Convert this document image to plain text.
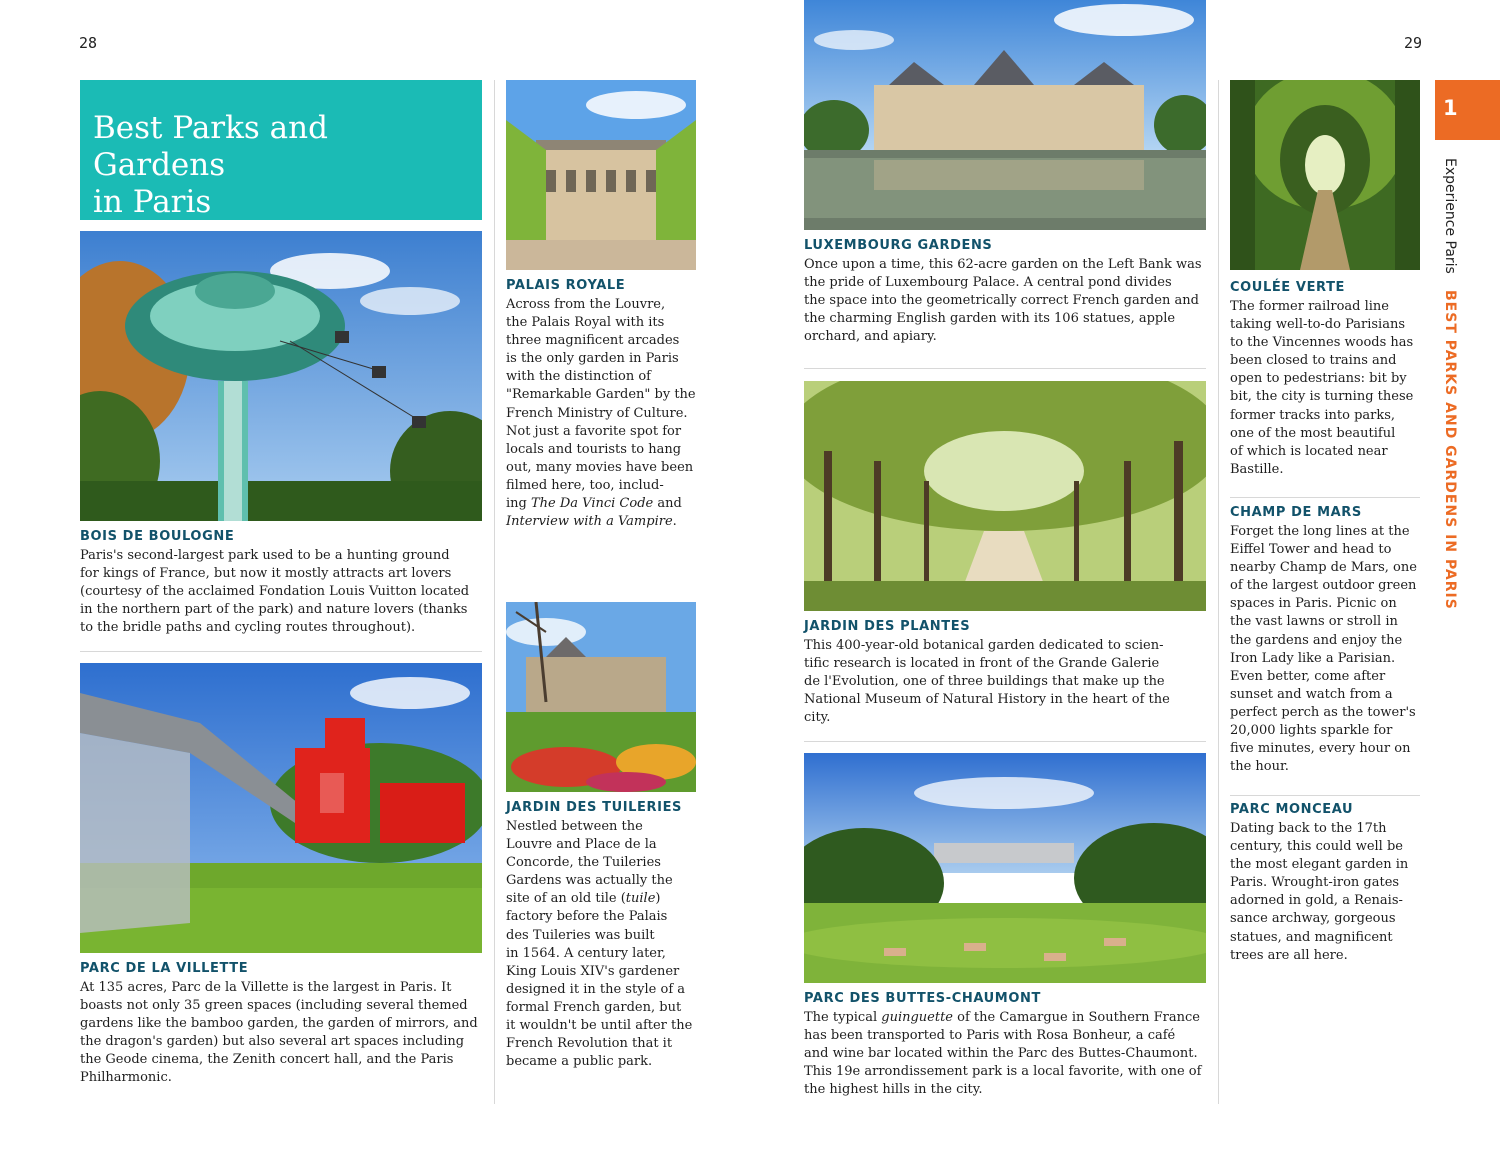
28	29
Best Parks and Gardens
in Paris
BOIS DE BOULOGNE
Paris's second-largest park used to be a hunting ground
for kings of France, but now it mostly attracts art lovers
(courtesy of the acclaimed Fondation Louis Vuitton located
in the northern part of the park) and nature lovers (thanks
to the bridle paths and cycling routes throughout).
PARC DE LA VILLETTE
At 135 acres, Parc de la Villette is the largest in Paris. It
boasts not only 35 green spaces (including several themed
gardens like the bamboo garden, the garden of mirrors, and
the dragon's garden) but also several art spaces including
the Geode cinema, the Zenith concert hall, and the Paris
Philharmonic.
PALAIS ROYALE
Across from the Louvre,
the Palais Royal with its
three magnificent arcades
is the only garden in Paris
with the distinction of
"Remarkable Garden" by the
French Ministry of Culture.
Not just a favorite spot for
locals and tourists to hang
out, many movies have been
filmed here, too, includ-
ing The Da Vinci Code and
Interview with a Vampire.
JARDIN DES TUILERIES
Nestled between the
Louvre and Place de la
Concorde, the Tuileries
Gardens was actually the
site of an old tile (tuile)
factory before the Palais
des Tuileries was built
in 1564. A century later,
King Louis XIV's gardener
designed it in the style of a
formal French garden, but
it wouldn't be until after the
French Revolution that it
became a public park.
LUXEMBOURG GARDENS
Once upon a time, this 62-acre garden on the Left Bank was
the pride of Luxembourg Palace. A central pond divides
the space into the geometrically correct French garden and
the charming English garden with its 106 statues, apple
orchard, and apiary.
JARDIN DES PLANTES
This 400-year-old botanical garden dedicated to scien-
tific research is located in front of the Grande Galerie
de l'Evolution, one of three buildings that make up the
National Museum of Natural History in the heart of the
city.
PARC DES BUTTES-CHAUMONT
The typical guinguette of the Camargue in Southern France
has been transported to Paris with Rosa Bonheur, a café
and wine bar located within the Parc des Buttes-Chaumont.
This 19e arrondissement park is a local favorite, with one of
the highest hills in the city.
COULÉE VERTE
The former railroad line
taking well-to-do Parisians
to the Vincennes woods has
been closed to trains and
open to pedestrians: bit by
bit, the city is turning these
former tracks into parks,
one of the most beautiful
of which is located near
Bastille.
CHAMP DE MARS
Forget the long lines at the
Eiffel Tower and head to
nearby Champ de Mars, one
of the largest outdoor green
spaces in Paris. Picnic on
the vast lawns or stroll in
the gardens and enjoy the
Iron Lady like a Parisian.
Even better, come after
sunset and watch from a
perfect perch as the tower's
20,000 lights sparkle for
five minutes, every hour on
the hour.
PARC MONCEAU
Dating back to the 17th
century, this could well be
the most elegant garden in
Paris. Wrought-iron gates
adorned in gold, a Renais-
sance archway, gorgeous
statues, and magnificent
trees are all here.
1
Experience Paris BEST PARKS AND GARDENS IN PARIS
